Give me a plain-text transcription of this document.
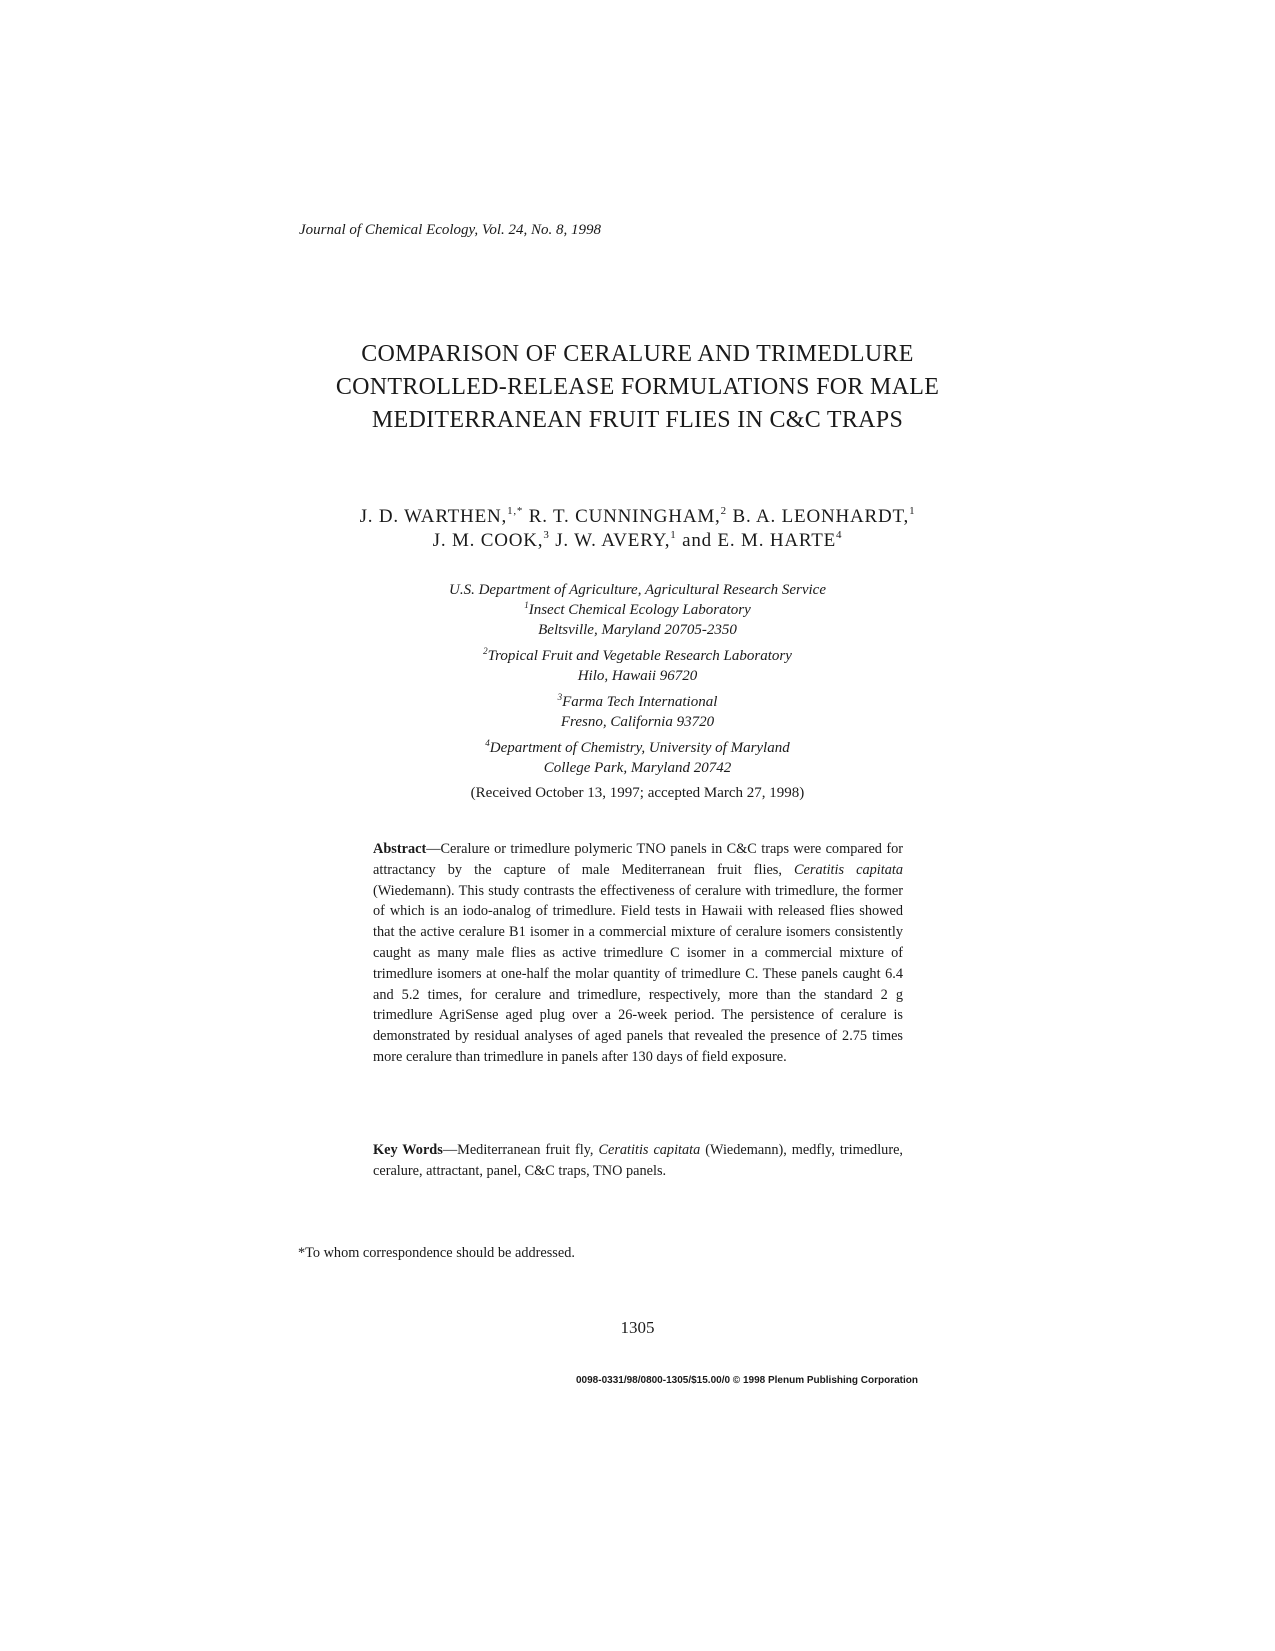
Journal of Chemical Ecology, Vol. 24, No. 8, 1998
COMPARISON OF CERALURE AND TRIMEDLURE
CONTROLLED-RELEASE FORMULATIONS FOR MALE
MEDITERRANEAN FRUIT FLIES IN C&C TRAPS
J. D. WARTHEN,$^{1,*}$ R. T. CUNNINGHAM,$^2$ B. A. LEONHARDT,$^1$
J. M. COOK,$^3$ J. W. AVERY,$^1$ and E. M. HARTE$^4$
U.S. Department of Agriculture, Agricultural Research Service
$^1$Insect Chemical Ecology Laboratory
Beltsville, Maryland 20705-2350
$^2$Tropical Fruit and Vegetable Research Laboratory
Hilo, Hawaii 96720
$^3$Farma Tech International
Fresno, California 93720
$^4$Department of Chemistry, University of Maryland
College Park, Maryland 20742
(Received October 13, 1997; accepted March 27, 1998)

Abstract—Ceralure or trimedlure polymeric TNO panels in C&C traps were compared for attractancy by the capture of male Mediterranean fruit flies, Ceratitis capitata (Wiedemann). This study contrasts the effectiveness of ceralure with trimedlure, the former of which is an iodo-analog of trimedlure. Field tests in Hawaii with released flies showed that the active ceralure B1 isomer in a commercial mixture of ceralure isomers consistently caught as many male flies as active trimedlure C isomer in a commercial mixture of trimedlure isomers at one-half the molar quantity of trimedlure C. These panels caught 6.4 and 5.2 times, for ceralure and trimedlure, respectively, more than the standard 2 g trimedlure AgriSense aged plug over a 26-week period. The persistence of ceralure is demonstrated by residual analyses of aged panels that revealed the presence of 2.75 times more ceralure than trimedlure in panels after 130 days of field exposure.

Key Words—Mediterranean fruit fly, Ceratitis capitata (Wiedemann), medfly, trimedlure, ceralure, attractant, panel, C&C traps, TNO panels.

*To whom correspondence should be addressed.
1305
0098-0331/98/0800-1305/$15.00/0 © 1998 Plenum Publishing Corporation
